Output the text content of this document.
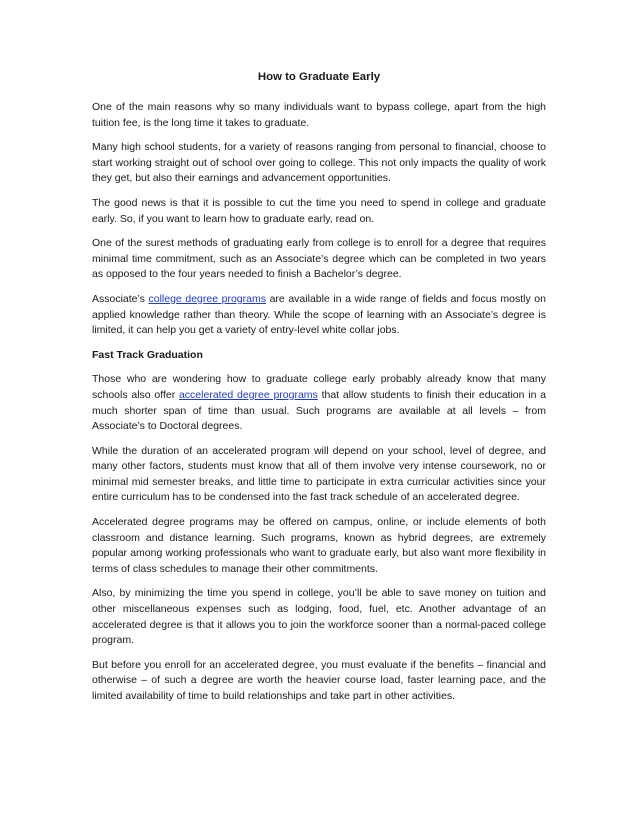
How to Graduate Early

One of the main reasons why so many individuals want to bypass college, apart from the high tuition fee, is the long time it takes to graduate.

Many high school students, for a variety of reasons ranging from personal to financial, choose to start working straight out of school over going to college. This not only impacts the quality of work they get, but also their earnings and advancement opportunities.

The good news is that it is possible to cut the time you need to spend in college and graduate early. So, if you want to learn how to graduate early, read on.

One of the surest methods of graduating early from college is to enroll for a degree that requires minimal time commitment, such as an Associate’s degree which can be completed in two years as opposed to the four years needed to finish a Bachelor’s degree.

Associate’s college degree programs are available in a wide range of fields and focus mostly on applied knowledge rather than theory. While the scope of learning with an Associate’s degree is limited, it can help you get a variety of entry-level white collar jobs.

Fast Track Graduation

Those who are wondering how to graduate college early probably already know that many schools also offer accelerated degree programs that allow students to finish their education in a much shorter span of time than usual. Such programs are available at all levels – from Associate’s to Doctoral degrees.

While the duration of an accelerated program will depend on your school, level of degree, and many other factors, students must know that all of them involve very intense coursework, no or minimal mid semester breaks, and little time to participate in extra curricular activities since your entire curriculum has to be condensed into the fast track schedule of an accelerated degree.

Accelerated degree programs may be offered on campus, online, or include elements of both classroom and distance learning. Such programs, known as hybrid degrees, are extremely popular among working professionals who want to graduate early, but also want more flexibility in terms of class schedules to manage their other commitments.

Also, by minimizing the time you spend in college, you’ll be able to save money on tuition and other miscellaneous expenses such as lodging, food, fuel, etc. Another advantage of an accelerated degree is that it allows you to join the workforce sooner than a normal-paced college program.

But before you enroll for an accelerated degree, you must evaluate if the benefits – financial and otherwise – of such a degree are worth the heavier course load, faster learning pace, and the limited availability of time to build relationships and take part in other activities.
